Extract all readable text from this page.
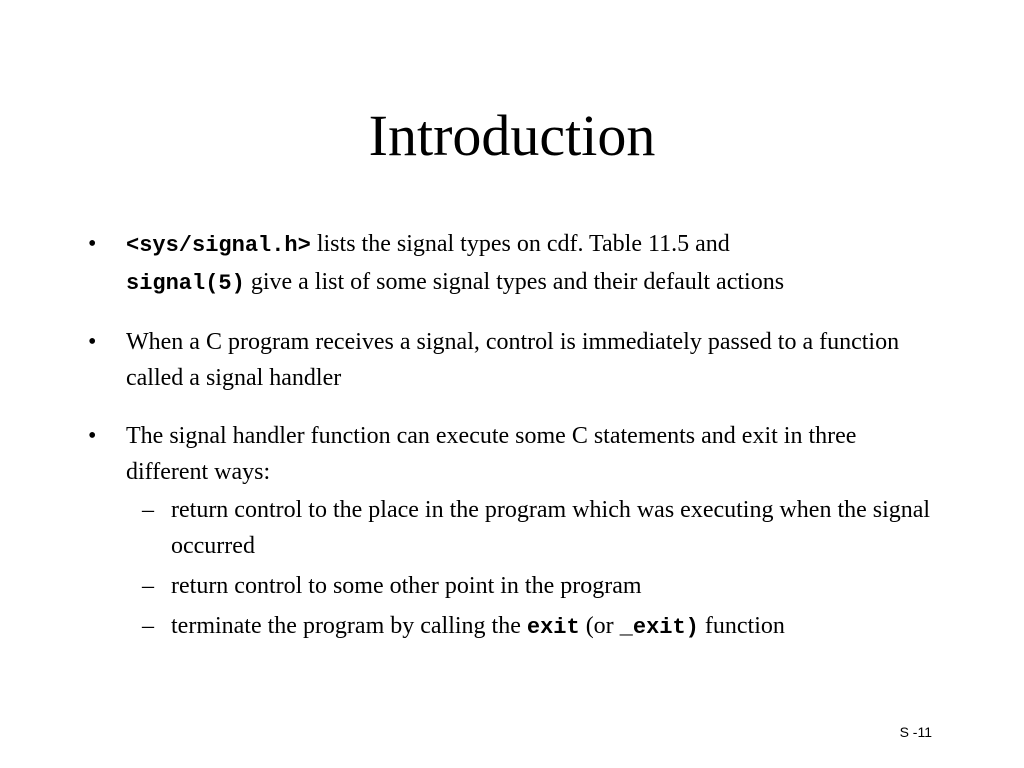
Introduction
• <sys/signal.h> lists the signal types on cdf. Table 11.5 and
signal(5) give a list of some signal types and their default actions
• When a C program receives a signal, control is immediately passed to a function called a signal handler
• The signal handler function can execute some C statements and exit in three different ways:
– return control to the place in the program which was executing when the signal occurred
– return control to some other point in the program
– terminate the program by calling the exit (or _exit) function
S -11
